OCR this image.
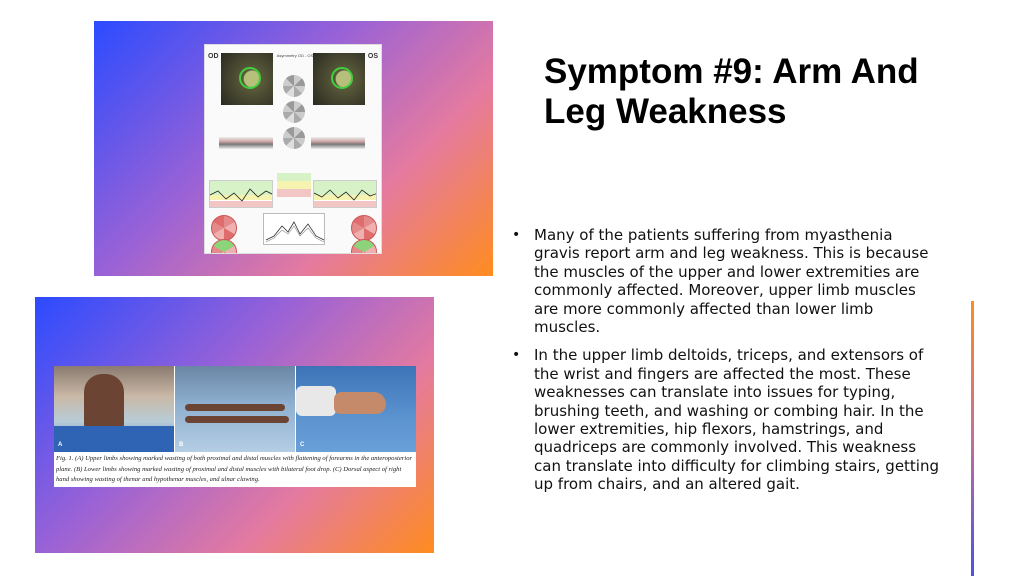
OD	OS
Asymmetry OD - OS
A	B	C
Fig. 1. (A) Upper limbs showing marked wasting of both proximal and distal muscles with flattening of forearms in the anteroposterior plane. (B) Lower limbs showing marked wasting of proximal and distal muscles with bilateral foot drop. (C) Dorsal aspect of right hand showing wasting of thenar and hypothenar muscles, and ulnar clawing.
Symptom #9: Arm And Leg Weakness
• Many of the patients suffering from myasthenia gravis report arm and leg weakness. This is because the muscles of the upper and lower extremities are commonly affected. Moreover, upper limb muscles are more commonly affected than lower limb muscles.
• In the upper limb deltoids, triceps, and extensors of the wrist and fingers are affected the most. These weaknesses can translate into issues for typing, brushing teeth, and washing or combing hair. In the lower extremities, hip flexors, hamstrings, and quadriceps are commonly involved. This weakness can translate into difficulty for climbing stairs, getting up from chairs, and an altered gait.
